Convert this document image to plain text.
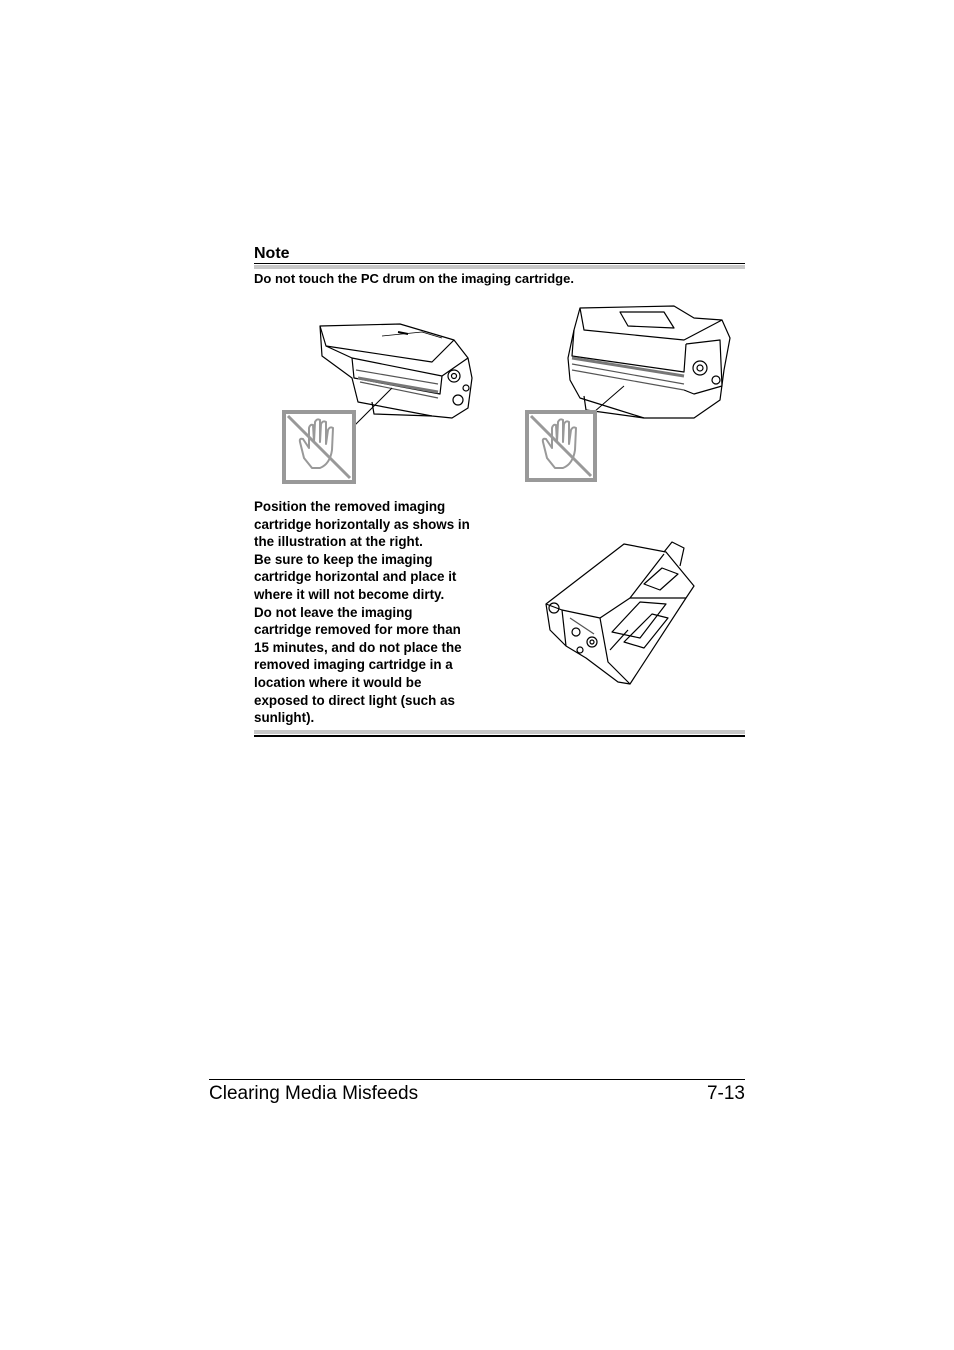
Note
Do not touch the PC drum on the imaging cartridge.
Position the removed imaging
cartridge horizontally as shows in
the illustration at the right.
Be sure to keep the imaging
cartridge horizontal and place it
where it will not become dirty.
Do not leave the imaging
cartridge removed for more than
15 minutes, and do not place the
removed imaging cartridge in a
location where it would be
exposed to direct light (such as
sunlight).
Clearing Media Misfeeds	7-13
